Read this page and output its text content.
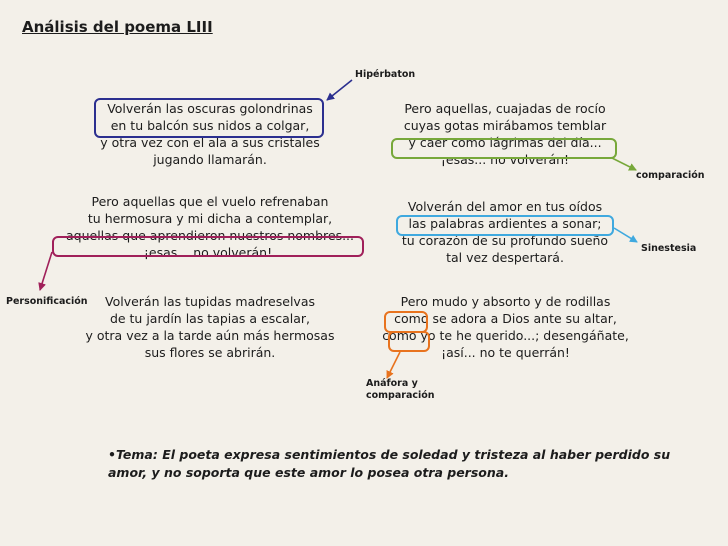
Análisis del poema LIII
Volverán las oscuras golondrinas
en tu balcón sus nidos a colgar,
y otra vez con el ala a sus cristales
jugando llamarán.
Pero aquellas que el vuelo refrenaban
tu hermosura y mi dicha a contemplar,
aquellas que aprendieron nuestros nombres...
¡esas... no volverán!.
Volverán las tupidas madreselvas
de tu jardín las tapias a escalar,
y otra vez a la tarde aún más hermosas
sus flores se abrirán.
Pero aquellas, cuajadas de rocío
cuyas gotas mirábamos temblar
y caer como lágrimas del día...
¡esas... no volverán!
Volverán del amor en tus oídos
las palabras ardientes a sonar;
tu corazón de su profundo sueño
tal vez despertará.
Pero mudo y absorto y de rodillas
como se adora a Dios ante su altar,
como yo te he querido...; desengáñate,
¡así... no te querrán!
Hipérbaton
comparación
Sinestesia
Personificación
Anáfora y
comparación
•Tema: El poeta expresa sentimientos de soledad y tristeza al haber perdido su
amor, y no soporta que este amor lo posea otra persona.
